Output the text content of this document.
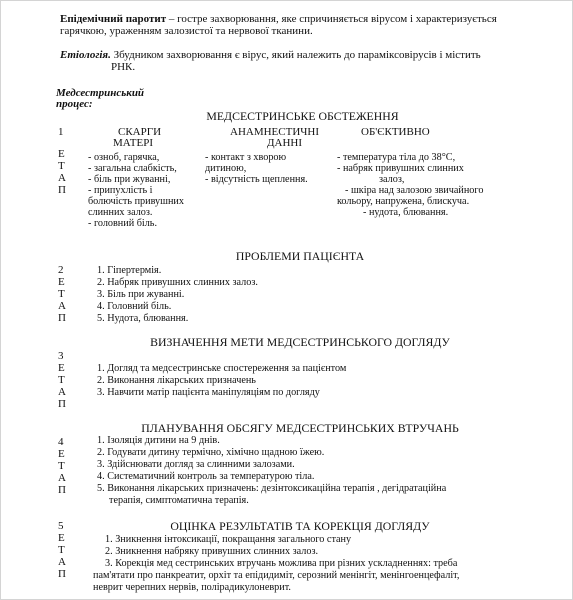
Епідемічний паротит – гостре захворювання, яке спричиняється вірусом і характеризується
гарячкою, ураженням залозистої та нервової тканини.
Етіологія. Збудником захворювання є вірус, який належить до параміксовірусів і містить
РНК.
Медсестринський
процес:
МЕДСЕСТРИНСЬКЕ ОБСТЕЖЕННЯ
1
Е
Т
А
П
СКАРГИ
МАТЕРІ
АНАМНЕСТИЧНІ
ДАННІ
ОБ'ЄКТИВНО
- озноб, гарячка,
- загальна слабкість,
- біль при жуванні,
- припухлість і
болючість привушних
слинних залоз.
- головний біль.
- контакт з хворою
дитиною,
- відсутність щеплення.
- температура тіла до 38°С,
- набряк привушних слинних
залоз,
- шкіра над залозою звичайного
кольору, напружена, блискуча.
- нудота, блювання.
ПРОБЛЕМИ ПАЦІЄНТА
2
Е
Т
А
П
1. Гіпертермія.
2. Набряк привушних слинних залоз.
3. Біль при жуванні.
4. Головний біль.
5. Нудота, блювання.
ВИЗНАЧЕННЯ МЕТИ МЕДСЕСТРИНСЬКОГО ДОГЛЯДУ
3
Е
Т
А
П
1. Догляд та медсестринське спостереження за пацієнтом
2. Виконання лікарських призначень
3. Навчити матір пацієнта маніпуляціям по догляду
ПЛАНУВАННЯ ОБСЯГУ МЕДСЕСТРИНСЬКИХ ВТРУЧАНЬ
4
Е
Т
А
П
1. Ізоляція дитини на 9 днів.
2. Годувати дитину термічно, хімічно щадною їжею.
3. Здійснювати догляд за слинними залозами.
4. Систематичний контроль за температурою тіла.
5. Виконання лікарських призначень: дезінтоксикаційна терапія , дегідратаційна
терапія, симптоматична терапія.
ОЦІНКА РЕЗУЛЬТАТІВ ТА КОРЕКЦІЯ ДОГЛЯДУ
5
Е
Т
А
П
1. Зникнення інтоксикації, покращання загального стану
2. Зникнення набряку привушних слинних залоз.
3. Корекція мед сестринських втручань можлива при різних ускладненнях: треба
пам'ятати про панкреатит, орхіт та епідидиміт, серозний менінгіт, менінгоенцефаліт,
неврит черепних нервів, полірадикулоневрит.
